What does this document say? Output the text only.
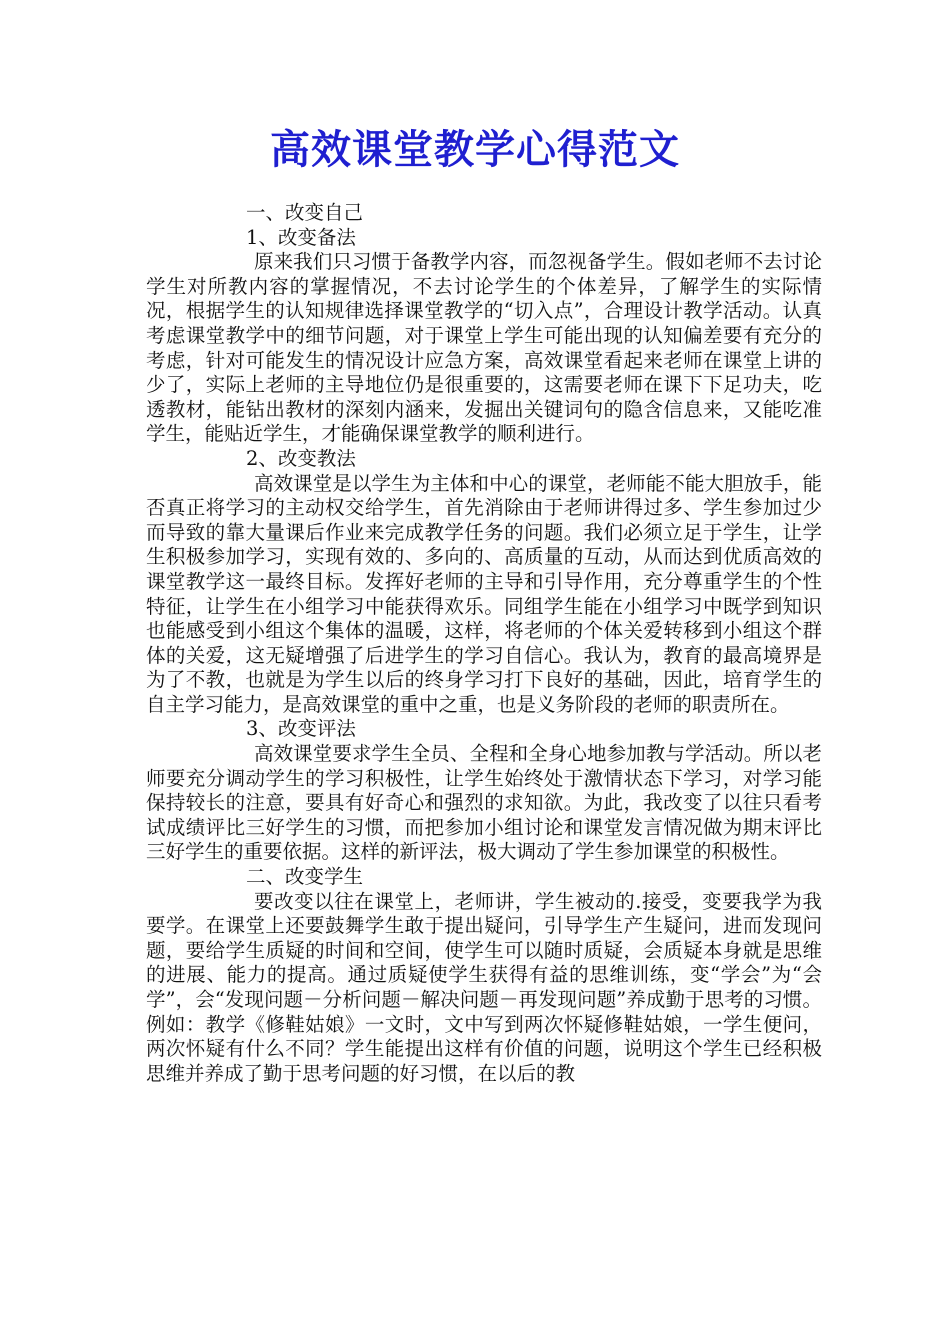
高效课堂教学心得范文
一、改变自己
1、改变备法

原来我们只习惯于备教学内容，而忽视备学生。假如老师不去讨论学生对所教内容的掌握情况，不去讨论学生的个体差异，了解学生的实际情况，根据学生的认知规律选择课堂教学的“切入点”，合理设计教学活动。认真考虑课堂教学中的细节问题，对于课堂上学生可能出现的认知偏差要有充分的考虑，针对可能发生的情况设计应急方案，高效课堂看起来老师在课堂上讲的少了，实际上老师的主导地位仍是很重要的，这需要老师在课下下足功夫，吃透教材，能钻出教材的深刻内涵来，发掘出关键词句的隐含信息来，又能吃准学生，能贴近学生，才能确保课堂教学的顺利进行。

2、改变教法

高效课堂是以学生为主体和中心的课堂，老师能不能大胆放手，能否真正将学习的主动权交给学生，首先消除由于老师讲得过多、学生参加过少而导致的靠大量课后作业来完成教学任务的问题。我们必须立足于学生，让学生积极参加学习，实现有效的、多向的、高质量的互动，从而达到优质高效的课堂教学这一最终目标。发挥好老师的主导和引导作用，充分尊重学生的个性特征，让学生在小组学习中能获得欢乐。同组学生能在小组学习中既学到知识也能感受到小组这个集体的温暖，这样，将老师的个体关爱转移到小组这个群体的关爱，这无疑增强了后进学生的学习自信心。我认为，教育的最高境界是为了不教，也就是为学生以后的终身学习打下良好的基础，因此，培育学生的自主学习能力，是高效课堂的重中之重，也是义务阶段的老师的职责所在。

3、改变评法

高效课堂要求学生全员、全程和全身心地参加教与学活动。所以老师要充分调动学生的学习积极性，让学生始终处于激情状态下学习，对学习能保持较长的注意，要具有好奇心和强烈的求知欲。为此，我改变了以往只看考试成绩评比三好学生的习惯，而把参加小组讨论和课堂发言情况做为期末评比三好学生的重要依据。这样的新评法，极大调动了学生参加课堂的积极性。

二、改变学生

要改变以往在课堂上，老师讲，学生被动的.接受，变要我学为我要学。在课堂上还要鼓舞学生敢于提出疑问，引导学生产生疑问，进而发现问题，要给学生质疑的时间和空间，使学生可以随时质疑，会质疑本身就是思维的进展、能力的提高。通过质疑使学生获得有益的思维训练，变“学会”为“会学”，会“发现问题－分析问题－解决问题－再发现问题”养成勤于思考的习惯。例如：教学《修鞋姑娘》一文时，文中写到两次怀疑修鞋姑娘，一学生便问，两次怀疑有什么不同？学生能提出这样有价值的问题，说明这个学生已经积极思维并养成了勤于思考问题的好习惯，在以后的教
